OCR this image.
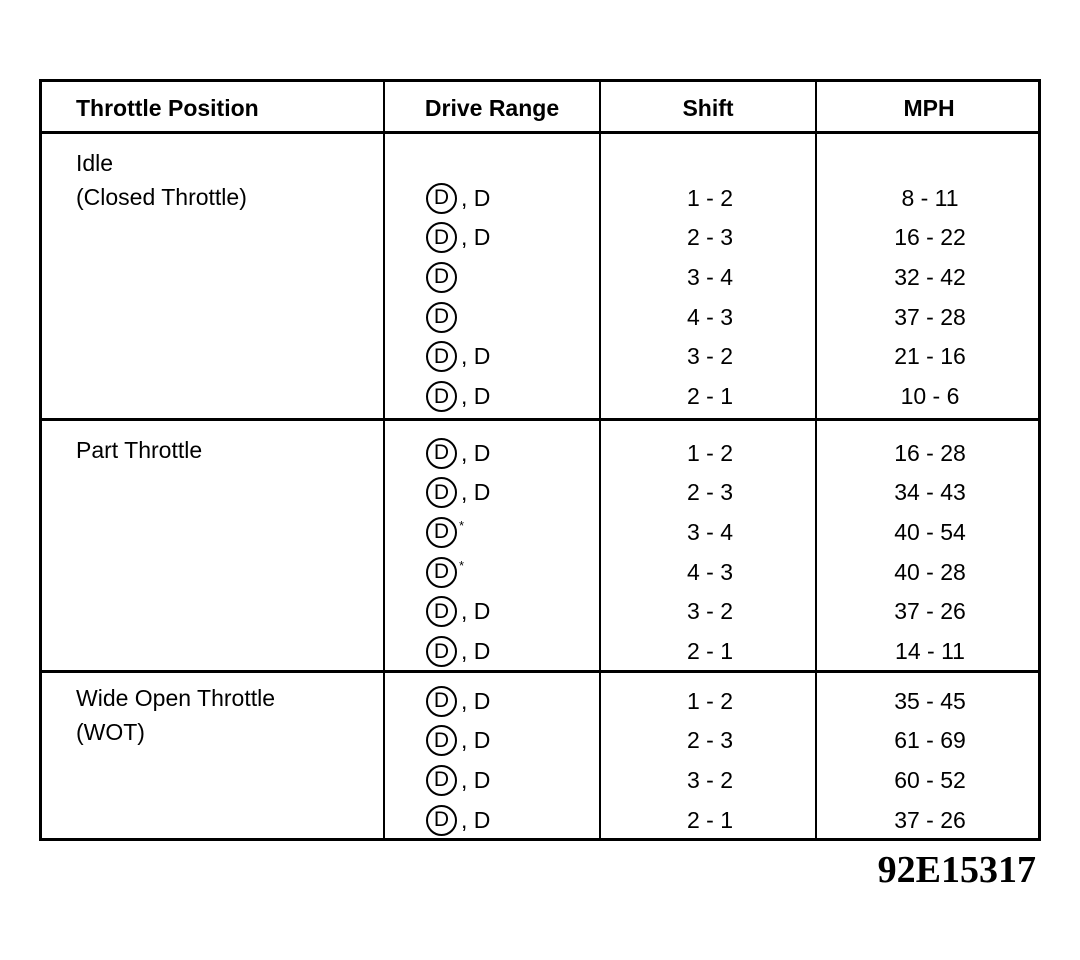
Throttle Position	Drive Range	Shift	MPH
Idle
(Closed Throttle)	D , D	1 - 2	8 - 11
D , D	2 - 3	16 - 22
D	3 - 4	32 - 42
D	4 - 3	37 - 28
D , D	3 - 2	21 - 16
D , D	2 - 1	10 - 6
Part Throttle	D , D	1 - 2	16 - 28
D , D	2 - 3	34 - 43
D *	3 - 4	40 - 54
D *	4 - 3	40 - 28
D , D	3 - 2	37 - 26
D , D	2 - 1	14 - 11
Wide Open Throttle
(WOT)
D , D	1 - 2	35 - 45
D , D	2 - 3	61 - 69
D , D	3 - 2	60 - 52
D , D	2 - 1	37 - 26
92E15317
